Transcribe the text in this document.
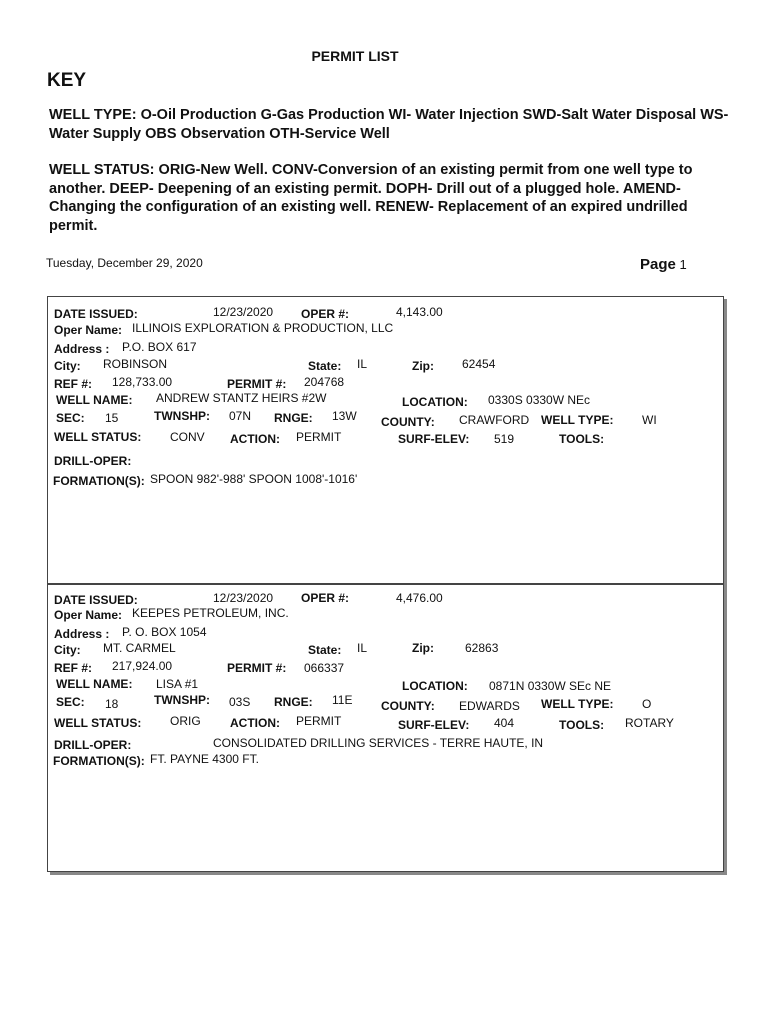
PERMIT LIST
KEY
WELL TYPE: O-Oil Production G-Gas Production WI- Water Injection SWD-Salt Water Disposal WS-Water Supply OBS Observation OTH-Service Well
WELL STATUS: ORIG-New Well. CONV-Conversion of an existing permit from one well type to another. DEEP- Deepening of an existing permit. DOPH- Drill out of a plugged hole. AMEND-Changing the configuration of an existing well. RENEW- Replacement of an expired undrilled permit.
Tuesday, December 29, 2020	Page 1
DATE ISSUED:	12/23/2020 OPER #:	4,143.00
Oper Name: ILLINOIS EXPLORATION & PRODUCTION, LLC
Address : P.O. BOX 617
City: ROBINSON	State: IL	Zip: 62454
REF #: 128,733.00	PERMIT #: 204768
WELL NAME: ANDREW STANTZ HEIRS #2W	LOCATION: 0330S 0330W NEc
SEC: 15	TWNSHP: 07N RNGE: 13W COUNTY: CRAWFORD WELL TYPE: WI
WELL STATUS: CONV ACTION: PERMIT	SURF-ELEV: 519	TOOLS:
DRILL-OPER:
FORMATION(S): SPOON 982'-988' SPOON 1008'-1016'
DATE ISSUED:	12/23/2020 OPER #:	4,476.00
Oper Name: KEEPES PETROLEUM, INC.
Address : P. O. BOX 1054
City: MT. CARMEL	State: IL	Zip:	62863
REF #: 217,924.00	PERMIT #: 066337
WELL NAME: LISA #1	LOCATION: 0871N 0330W SEc NE
SEC: 18	TWNSHP: 03S RNGE: 11E COUNTY: EDWARDS WELL TYPE: O
WELL STATUS: ORIG ACTION: PERMIT	SURF-ELEV: 404	TOOLS: ROTARY
DRILL-OPER:	CONSOLIDATED DRILLING SERVICES - TERRE HAUTE, IN
FORMATION(S): FT. PAYNE 4300 FT.
